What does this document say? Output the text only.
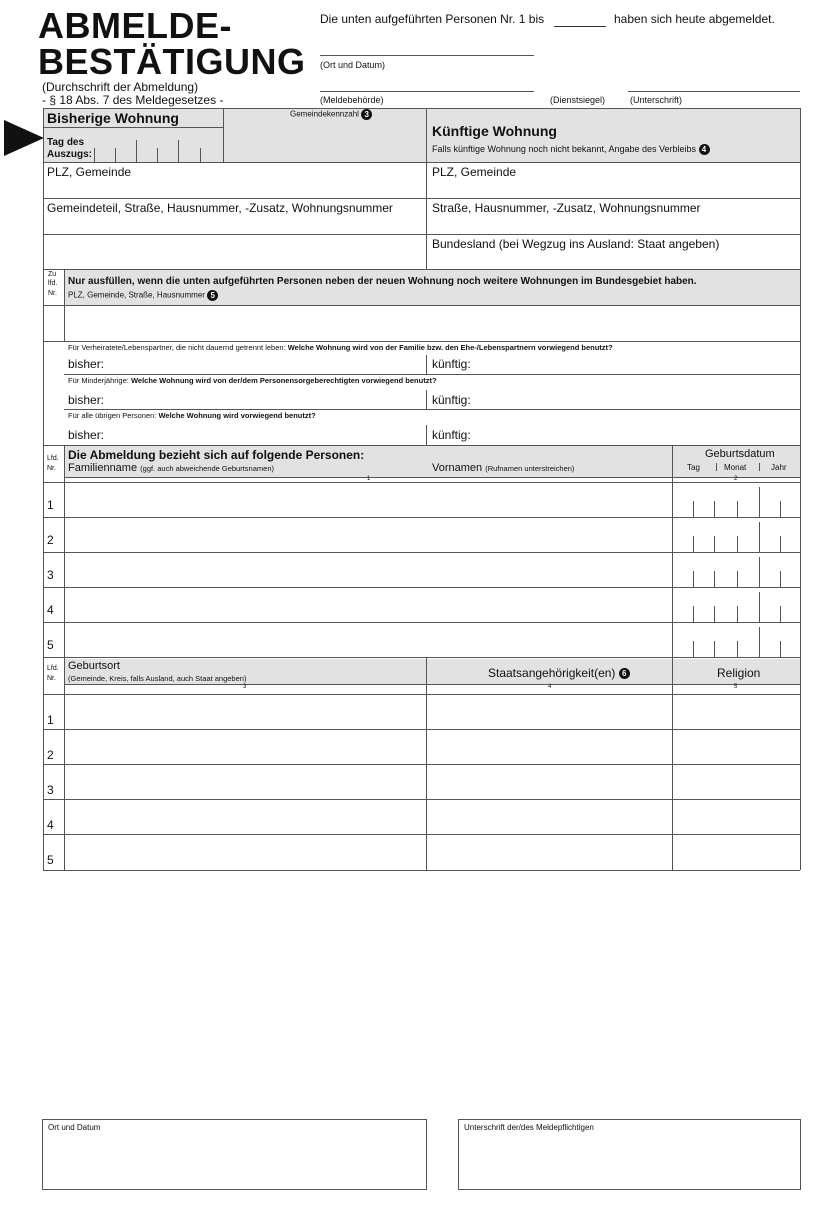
ABMELDE-
BESTÄTIGUNG
(Durchschrift der Abmeldung)
- § 18 Abs. 7 des Meldegesetzes -
Die unten aufgeführten Personen Nr. 1 bis	haben sich heute abgemeldet.
(Ort und Datum)
(Meldebehörde)	(Dienstsiegel)	(Unterschrift)
Bisherige Wohnung	Gemeindekennzahl 3
Tag des
Auszugs:
Künftige Wohnung
Falls künftige Wohnung noch nicht bekannt, Angabe des Verbleibs 4
PLZ, Gemeinde	PLZ, Gemeinde
Gemeindeteil, Straße, Hausnummer, -Zusatz, Wohnungsnummer	Straße, Hausnummer, -Zusatz, Wohnungsnummer
Bundesland (bei Wegzug ins Ausland: Staat angeben)
Zu
lfd.
Nr.
Nur ausfüllen, wenn die unten aufgeführten Personen neben der neuen Wohnung noch weitere Wohnungen im Bundesgebiet haben.
PLZ, Gemeinde, Straße, Hausnummer 5
Für Verheiratete/Lebenspartner, die nicht dauernd getrennt leben: Welche Wohnung wird von der Familie bzw. den Ehe-/Lebenspartnern vorwiegend benutzt?
bisher:	künftig:
Für Minderjährige: Welche Wohnung wird von der/dem Personensorgeberechtigten vorwiegend benutzt?
bisher:	künftig:
Für alle übrigen Personen: Welche Wohnung wird vorwiegend benutzt?
bisher:	künftig:
Lfd.
Nr.
Die Abmeldung bezieht sich auf folgende Personen:
Familienname (ggf. auch abweichende Geburtsnamen)	Vornamen (Rufnamen unterstreichen)
Geburtsdatum
Tag	Monat	Jahr
1	2
1
2
3
4
5
Lfd.
Nr.
Geburtsort
(Gemeinde, Kreis, falls Ausland, auch Staat angeben)	Staatsangehörigkeit(en) 6	Religion
3	4	5
1
2
3
4
5
Ort und Datum	Unterschrift der/des Meldepflichtigen
